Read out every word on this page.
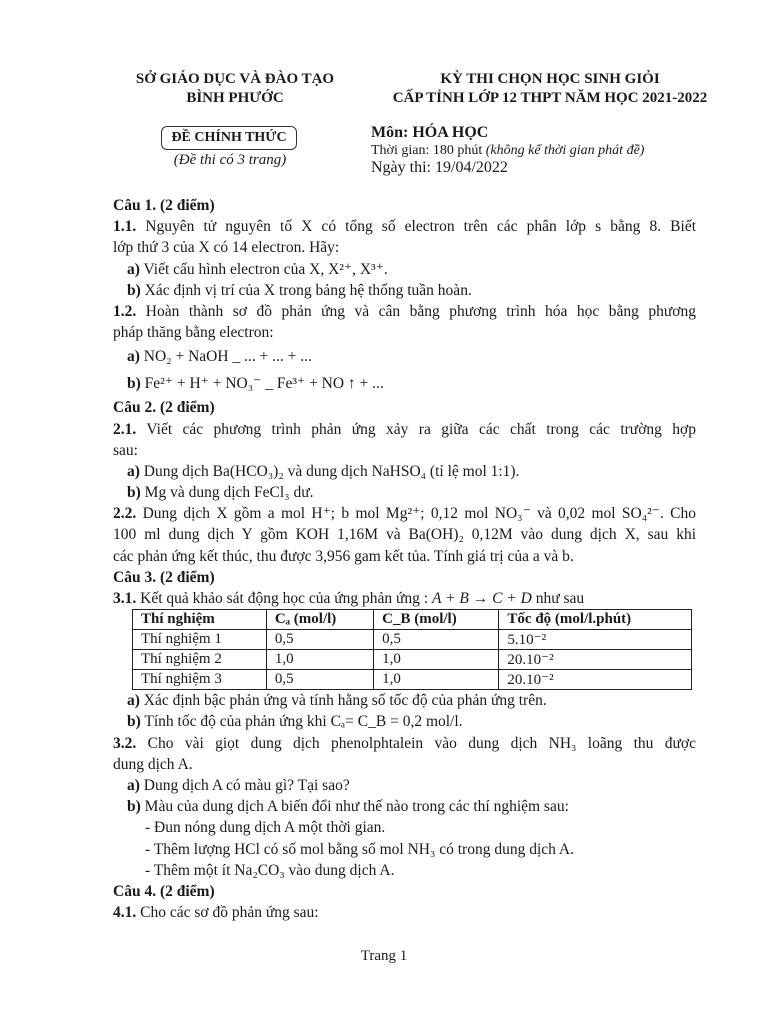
SỞ GIÁO DỤC VÀ ĐÀO TẠO
BÌNH PHƯỚC
KỲ THI CHỌN HỌC SINH GIỎI
CẤP TỈNH LỚP 12 THPT NĂM HỌC 2021-2022
ĐỀ CHÍNH THỨC
(Đề thi có 3 trang)
Môn: HÓA HỌC
Thời gian: 180 phút (không kể thời gian phát đề)
Ngày thi: 19/04/2022
Câu 1. (2 điểm)
1.1. Nguyên tử nguyên tố X có tổng số electron trên các phân lớp s bằng 8. Biết
lớp thứ 3 của X có 14 electron. Hãy:
a) Viết cấu hình electron của X, X²⁺, X³⁺.
b) Xác định vị trí của X trong bảng hệ thống tuần hoàn.
1.2. Hoàn thành sơ đồ phản ứng và cân bằng phương trình hóa học bằng phương
pháp thăng bằng electron:
a) NO₂ + NaOH _ ... + ... + ...
b) Fe²⁺ + H⁺ + NO₃⁻ _ Fe³⁺ + NO ↑ + ...
Câu 2. (2 điểm)
2.1. Viết các phương trình phản ứng xảy ra giữa các chất trong các trường hợp
sau:
a) Dung dịch Ba(HCO₃)₂ và dung dịch NaHSO₄ (tỉ lệ mol 1:1).
b) Mg và dung dịch FeCl₃ dư.
2.2. Dung dịch X gồm a mol H⁺; b mol Mg²⁺; 0,12 mol NO₃⁻ và 0,02 mol SO₄²⁻. Cho
100 ml dung dịch Y gồm KOH 1,16M và Ba(OH)₂ 0,12M vào dung dịch X, sau khi
các phản ứng kết thúc, thu được 3,956 gam kết tủa. Tính giá trị của a và b.
Câu 3. (2 điểm)
3.1. Kết quả khảo sát động học của ứng phản ứng : A + B → C + D như sau
Thí nghiệm	Cₐ (mol/l)	C_B (mol/l)	Tốc độ (mol/l.phút)
Thí nghiệm 1	0,5	0,5	5.10⁻²
Thí nghiệm 2	1,0	1,0	20.10⁻²
Thí nghiệm 3	0,5	1,0	20.10⁻²
a) Xác định bậc phản ứng và tính hằng số tốc độ của phản ứng trên.
b) Tính tốc độ của phản ứng khi Cₐ= C_B = 0,2 mol/l.
3.2. Cho vài giọt dung dịch phenolphtalein vào dung dịch NH₃ loãng thu được
dung dịch A.
a) Dung dịch A có màu gì? Tại sao?
b) Màu của dung dịch A biến đổi như thế nào trong các thí nghiệm sau:
- Đun nóng dung dịch A một thời gian.
- Thêm lượng HCl có số mol bằng số mol NH₃ có trong dung dịch A.
- Thêm một ít Na₂CO₃ vào dung dịch A.
Câu 4. (2 điểm)
4.1. Cho các sơ đồ phản ứng sau:
Trang 1
